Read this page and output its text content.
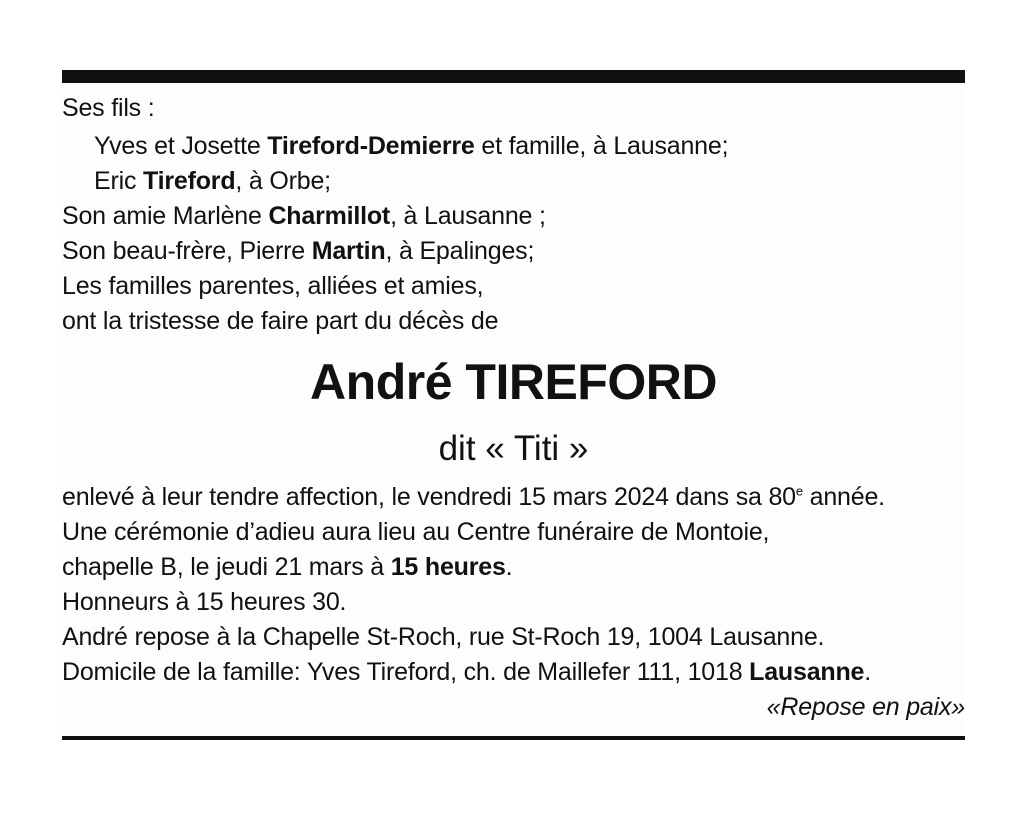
Ses fils :
Yves et Josette Tireford-Demierre et famille, à Lausanne;
Eric Tireford, à Orbe;
Son amie Marlène Charmillot, à Lausanne ;
Son beau-frère, Pierre Martin, à Epalinges;
Les familles parentes, alliées et amies,
ont la tristesse de faire part du décès de
André TIREFORD
dit « Titi »
enlevé à leur tendre affection, le vendredi 15 mars 2024 dans sa 80e année.
Une cérémonie d’adieu aura lieu au Centre funéraire de Montoie,
chapelle B, le jeudi 21 mars à 15 heures.
Honneurs à 15 heures 30.
André repose à la Chapelle St-Roch, rue St-Roch 19, 1004 Lausanne.
Domicile de la famille: Yves Tireford, ch. de Maillefer 111, 1018 Lausanne.
«Repose en paix»
